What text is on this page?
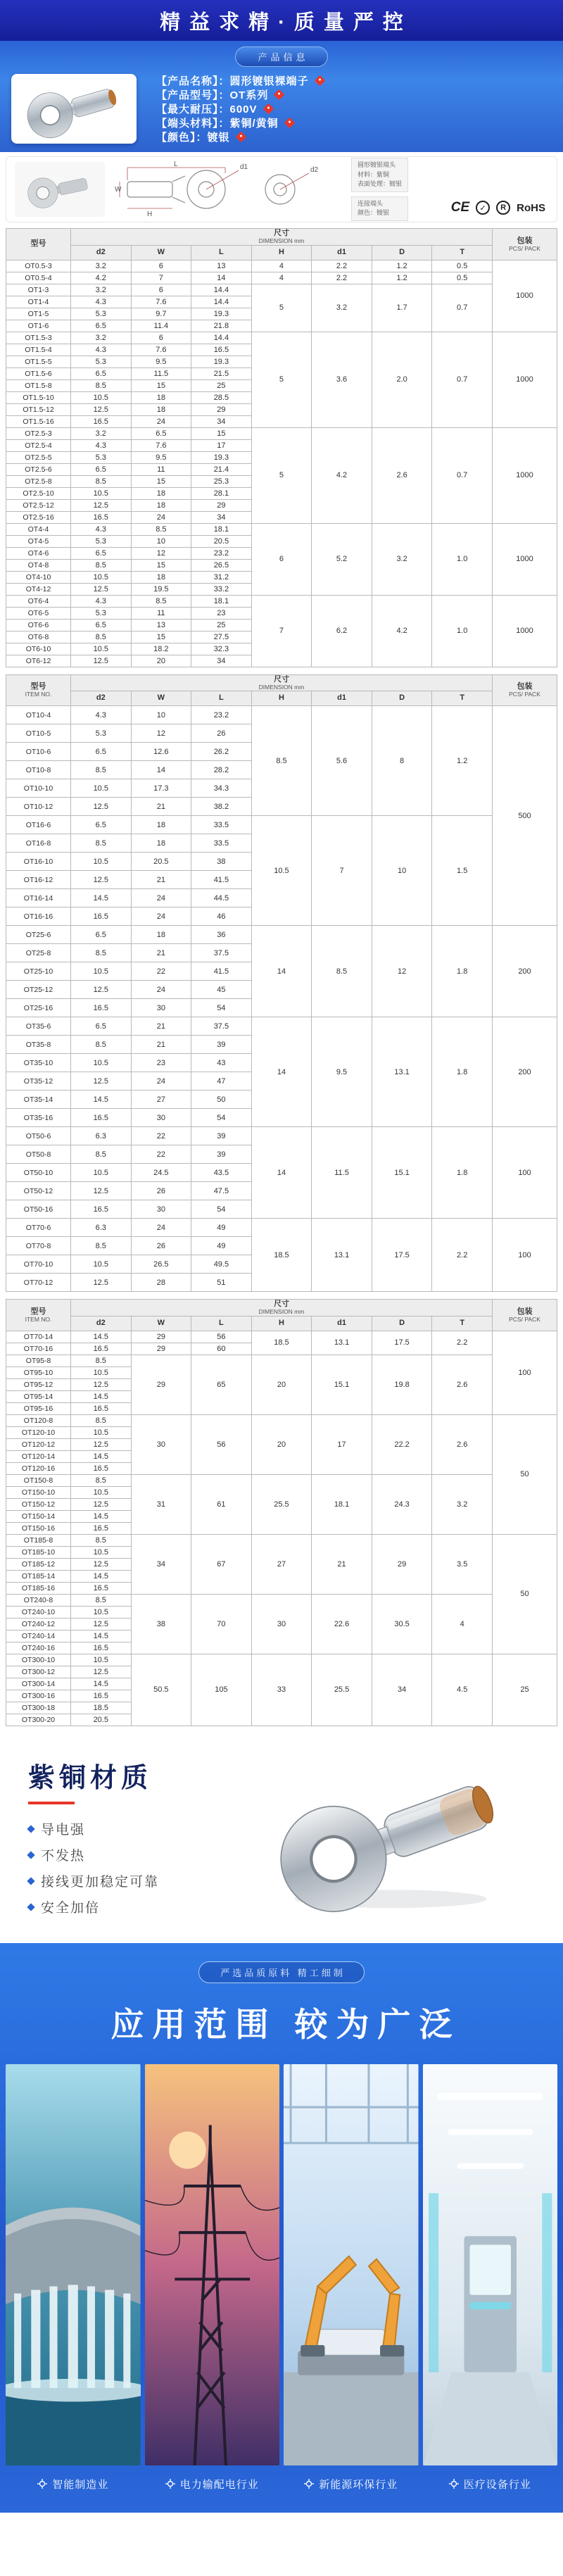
精益求精·质量严控
产品信息
【产品名称】：圆形镀银裸端子
【产品型号】：OT系列
【最大耐压】：600V
【端头材料】：紫铜/黄铜
【颜色】：镀银
L
W
H
d1	d2
圆形镀银端头
材料：紫铜
表面处理：镀银
连接端头
颜色：镀银	CE	✓	R	RoHS
型号

尺寸
DIMENSION mm	包装
PCS/ PACK

	d2	W	L	H	d1	D	T	

OT0.5-3	3.2	6	13	4	2.2	1.2	0.5	1000
OT0.5-4	4.2	7	14	4	2.2	1.2	0.5	
OT1-3	3.2	6	14.4	5	3.2	1.7	0.7	
OT1-4	4.3	7.6	14.4					
OT1-5	5.3	9.7	19.3					
OT1-6	6.5	11.4	21.8					
OT1.5-3	3.2	6	14.4	5	3.6	2.0	0.7	1000
OT1.5-4	4.3	7.6	16.5					
OT1.5-5	5.3	9.5	19.3					
OT1.5-6	6.5	11.5	21.5					
OT1.5-8	8.5	15	25					
OT1.5-10	10.5	18	28.5					
OT1.5-12	12.5	18	29					
OT1.5-16	16.5	24	34					
OT2.5-3	3.2	6.5	15	5	4.2	2.6	0.7	1000
OT2.5-4	4.3	7.6	17					
OT2.5-5	5.3	9.5	19.3					
OT2.5-6	6.5	11	21.4					
OT2.5-8	8.5	15	25.3					
OT2.5-10	10.5	18	28.1					
OT2.5-12	12.5	18	29					
OT2.5-16	16.5	24	34					
OT4-4	4.3	8.5	18.1	6	5.2	3.2	1.0	1000
OT4-5	5.3	10	20.5					
OT4-6	6.5	12	23.2					
OT4-8	8.5	15	26.5					
OT4-10	10.5	18	31.2					
OT4-12	12.5	19.5	33.2					
OT6-4	4.3	8.5	18.1	7	6.2	4.2	1.0	1000
OT6-5	5.3	11	23					
OT6-6	6.5	13	25					
OT6-8	8.5	15	27.5					
OT6-10	10.5	18.2	32.3					
OT6-12	12.5	20	34					
型号
ITEM NO.

尺寸
DIMENSION mm	包装
PCS/ PACK

	d2	W	L	H	d1	D	T	

OT10-4	4.3	10	23.2	8.5	5.6	8	1.2	500
OT10-5	5.3	12	26					
OT10-6	6.5	12.6	26.2					
OT10-8	8.5	14	28.2					
OT10-10	10.5	17.3	34.3					
OT10-12	12.5	21	38.2					
OT16-6	6.5	18	33.5	10.5	7	10	1.5	
OT16-8	8.5	18	33.5					
OT16-10	10.5	20.5	38					
OT16-12	12.5	21	41.5					
OT16-14	14.5	24	44.5					
OT16-16	16.5	24	46					
OT25-6	6.5	18	36	14	8.5	12	1.8	200
OT25-8	8.5	21	37.5					
OT25-10	10.5	22	41.5					
OT25-12	12.5	24	45					
OT25-16	16.5	30	54					
OT35-6	6.5	21	37.5	14	9.5	13.1	1.8	200
OT35-8	8.5	21	39					
OT35-10	10.5	23	43					
OT35-12	12.5	24	47					
OT35-14	14.5	27	50					
OT35-16	16.5	30	54					
OT50-6	6.3	22	39	14	11.5	15.1	1.8	100
OT50-8	8.5	22	39					
OT50-10	10.5	24.5	43.5					
OT50-12	12.5	26	47.5					
OT50-16	16.5	30	54					
OT70-6	6.3	24	49	18.5	13.1	17.5	2.2	100
OT70-8	8.5	26	49					
OT70-10	10.5	26.5	49.5					
OT70-12	12.5	28	51					
型号
ITEM NO.

尺寸
DIMENSION mm	包装
PCS/ PACK

	d2	W	L	H	d1	D	T	

OT70-14	14.5	29	56	18.5	13.1	17.5	2.2	100
OT70-16	16.5	29	60					
OT95-8	8.5	29	65	20	15.1	19.8	2.6	
OT95-10	10.5							
OT95-12	12.5							
OT95-14	14.5							
OT95-16	16.5							
OT120-8	8.5	30	56	20	17	22.2	2.6	50
OT120-10	10.5							
OT120-12	12.5							
OT120-14	14.5							
OT120-16	16.5							
OT150-8	8.5	31	61	25.5	18.1	24.3	3.2	
OT150-10	10.5							
OT150-12	12.5							
OT150-14	14.5							
OT150-16	16.5							
OT185-8	8.5	34	67	27	21	29	3.5	50
OT185-10	10.5							
OT185-12	12.5							
OT185-14	14.5							
OT185-16	16.5							
OT240-8	8.5	38	70	30	22.6	30.5	4	
OT240-10	10.5							
OT240-12	12.5							
OT240-14	14.5							
OT240-16	16.5							
OT300-10	10.5	50.5	105	33	25.5	34	4.5	25
OT300-12	12.5							
OT300-14	14.5							
OT300-16	16.5							
OT300-18	18.5							
OT300-20	20.5							
紫铜材质
导电强
不发热
接线更加稳定可靠
安全加倍
严选品质原料 精工细制
应用范围 较为广泛
智能制造业	电力输配电行业	新能源环保行业	医疗设备行业
